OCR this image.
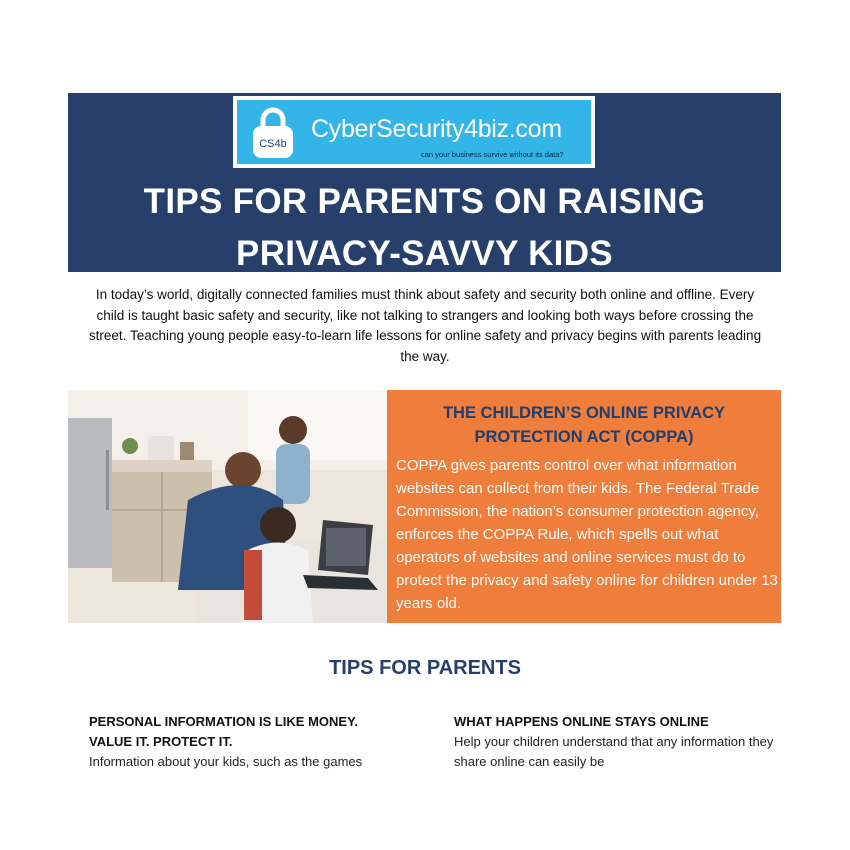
CS4b
CyberSecurity4biz.com
can your business survive without its data?
TIPS FOR PARENTS ON RAISING
PRIVACY-SAVVY KIDS
In today’s world, digitally connected families must think about safety and security both online and offline. Every child is taught basic safety and security, like not talking to strangers and looking both ways before crossing the street. Teaching young people easy-to-learn life lessons for online safety and privacy begins with parents leading the way.
THE CHILDREN’S ONLINE PRIVACY
PROTECTION ACT (COPPA)
COPPA gives parents control over what information websites can collect from their kids. The Federal Trade Commission, the nation’s consumer protection agency, enforces the COPPA Rule, which spells out what operators of websites and online services must do to protect the privacy and safety online for children under 13 years old.
TIPS FOR PARENTS
PERSONAL INFORMATION IS LIKE MONEY.
VALUE IT. PROTECT IT.
Information about your kids, such as the games
WHAT HAPPENS ONLINE STAYS ONLINE
Help your children understand that any information they share online can easily be
